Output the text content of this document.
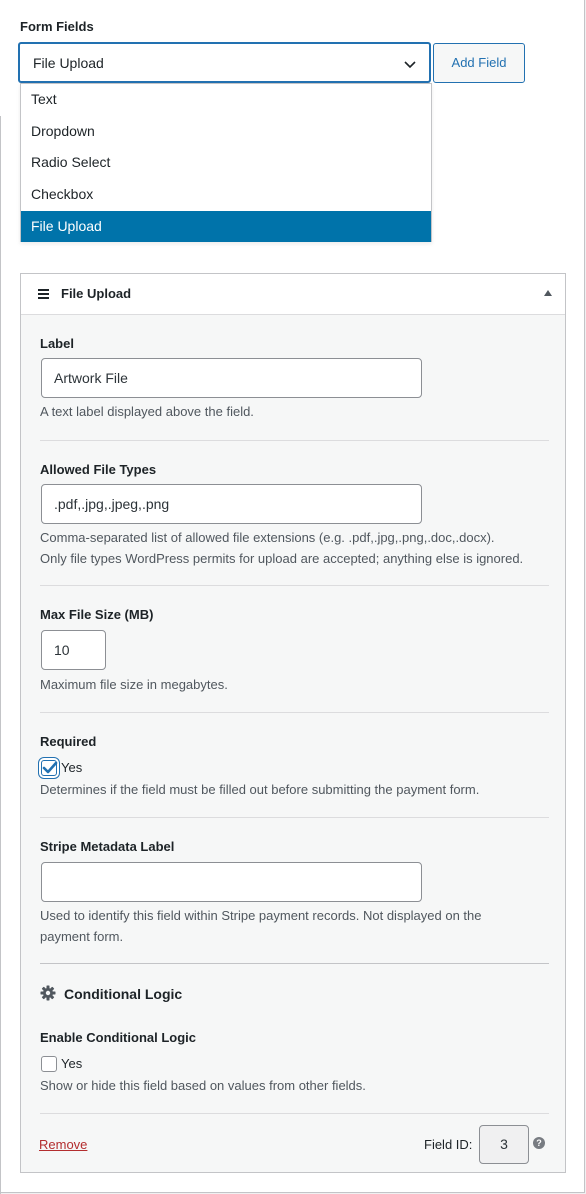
Form Fields
File Upload	Add Field
Text
Dropdown
Radio Select
Checkbox
File Upload
File Upload
Label
Artwork File
A text label displayed above the field.
Allowed File Types
.pdf,.jpg,.jpeg,.png
Comma-separated list of allowed file extensions (e.g. .pdf,.jpg,.png,.doc,.docx).
Only file types WordPress permits for upload are accepted; anything else is ignored.
Max File Size (MB)
10
Maximum file size in megabytes.
Required
Yes
Determines if the field must be filled out before submitting the payment form.
Stripe Metadata Label
Used to identify this field within Stripe payment records. Not displayed on the
payment form.
Conditional Logic
Enable Conditional Logic
Yes
Show or hide this field based on values from other fields.
Remove	Field ID:	3	?
